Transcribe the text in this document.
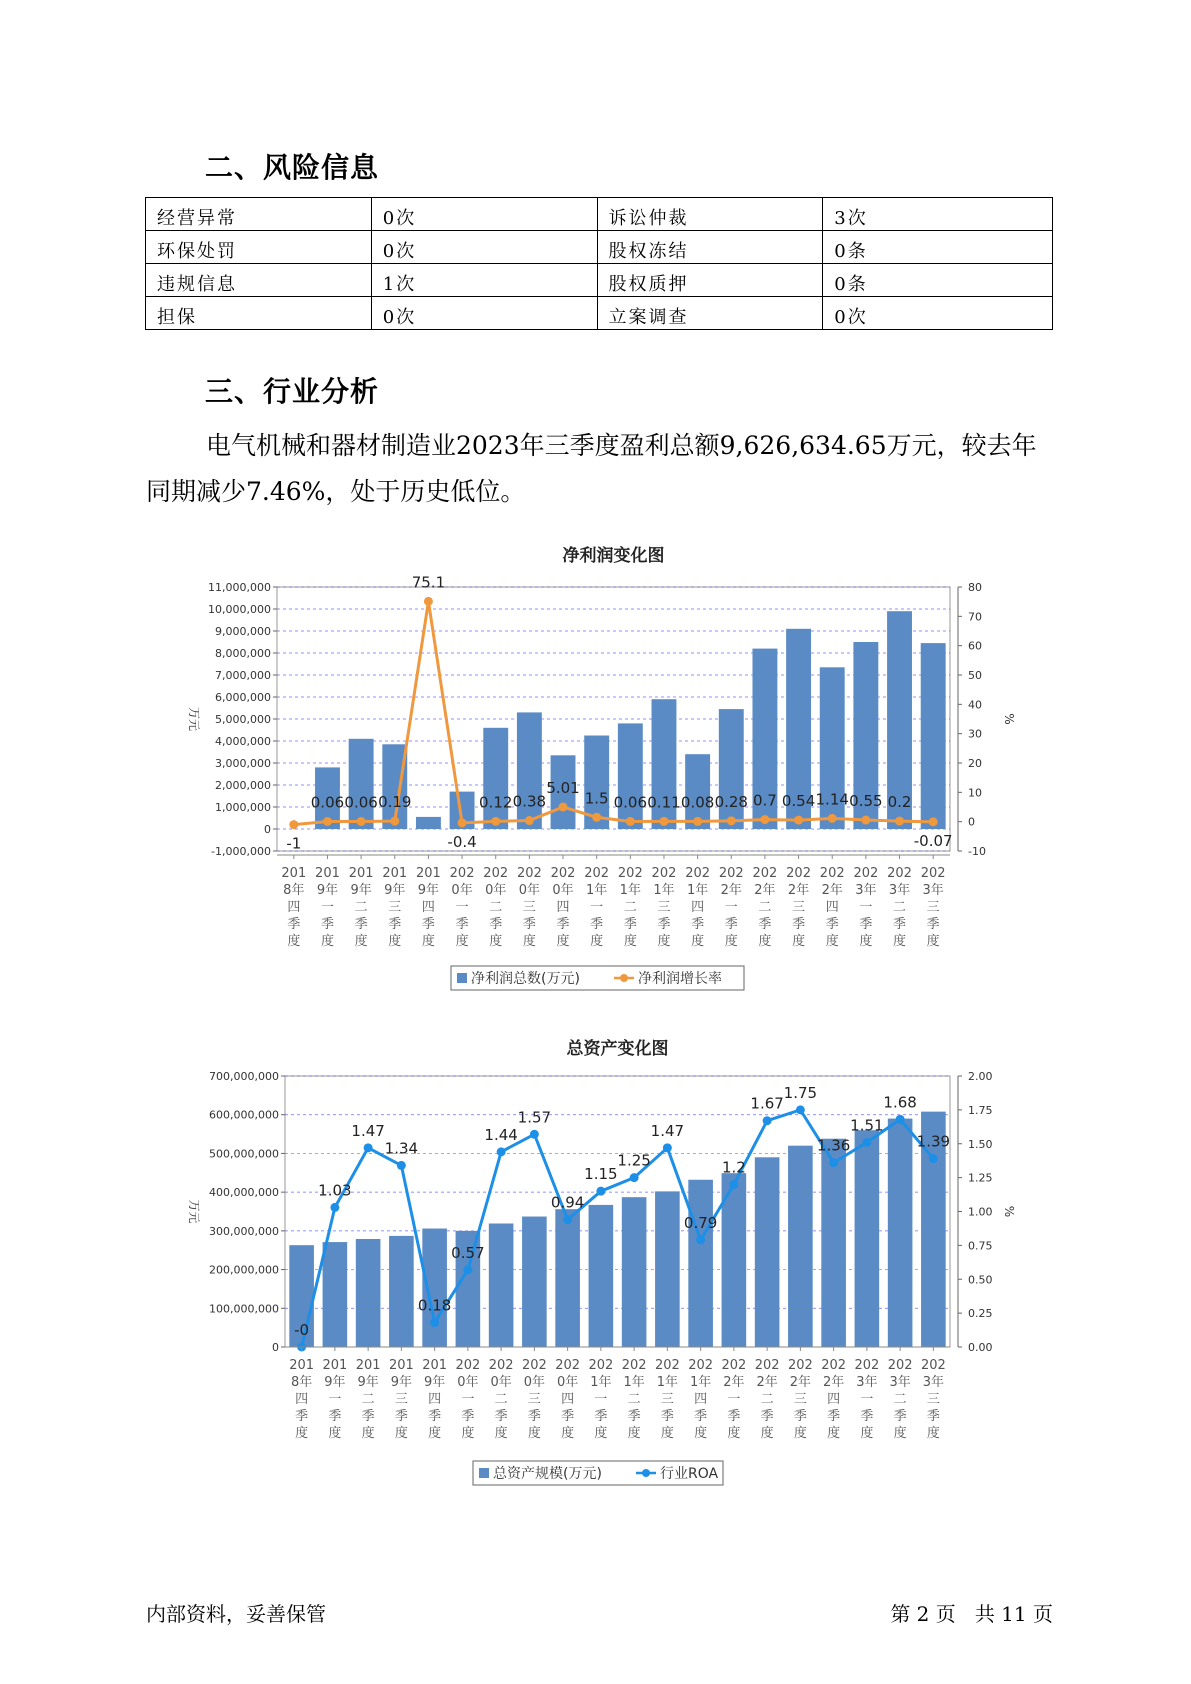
二、风险信息
经营异常	0次	诉讼仲裁	3次
环保处罚	0次	股权冻结	0条
违规信息	1次	股权质押	0条
担保	0次	立案调查	0次
三、行业分析
电气机械和器材制造业2023年三季度盈利总额9,626,634.65万元，较去年同期减少7.46%，处于历史低位。
净利润变化图
-1,000,000
0
1,000,000
2,000,000
3,000,000
4,000,000
5,000,000
6,000,000
7,000,000
8,000,000
9,000,000
10,000,000
11,000,000
-10
0
10
20
30
40
50
60
70
80
万元	%
-1
0.06 0.06 0.19
75.1
-0.4
0.12 0.38
5.01
1.5 0.06 0.11 0.08 0.28 0.7 0.54 1.14 0.55 0.2
-0.07
201
8年
四
季
度
201
9年
一
季
度
201
9年
二
季
度
201
9年
三
季
度
201
9年
四
季
度
202
0年
一
季
度
202
0年
二
季
度
202
0年
三
季
度
202
0年
四
季
度
202
1年
一
季
度
202
1年
二
季
度
202
1年
三
季
度
202
1年
四
季
度
202
2年
一
季
度
202
2年
二
季
度
202
2年
三
季
度
202
2年
四
季
度
202
3年
一
季
度
202
3年
二
季
度
202
3年
三
季
度
净利润总数(万元)	净利润增长率
总资产变化图
0
100,000,000
200,000,000
300,000,000
400,000,000
500,000,000
600,000,000
700,000,000
0.00
0.25
0.50
0.75
1.00
1.25
1.50
1.75
2.00
万元	%
-0
1.03
1.47
1.34
0.18
0.57
1.44
1.57
0.94
1.15
1.25
1.47
0.79
1.2
1.67
1.75
1.36
1.51
1.68
1.39
201
8年
四
季
度
201
9年
一
季
度
201
9年
二
季
度
201
9年
三
季
度
201
9年
四
季
度
202
0年
一
季
度
202
0年
二
季
度
202
0年
三
季
度
202
0年
四
季
度
202
1年
一
季
度
202
1年
二
季
度
202
1年
三
季
度
202
1年
四
季
度
202
2年
一
季
度
202
2年
二
季
度
202
2年
三
季
度
202
2年
四
季
度
202
3年
一
季
度
202
3年
二
季
度
202
3年
三
季
度
总资产规模(万元)	行业ROA
内部资料，妥善保管	第 2 页   共 11 页
